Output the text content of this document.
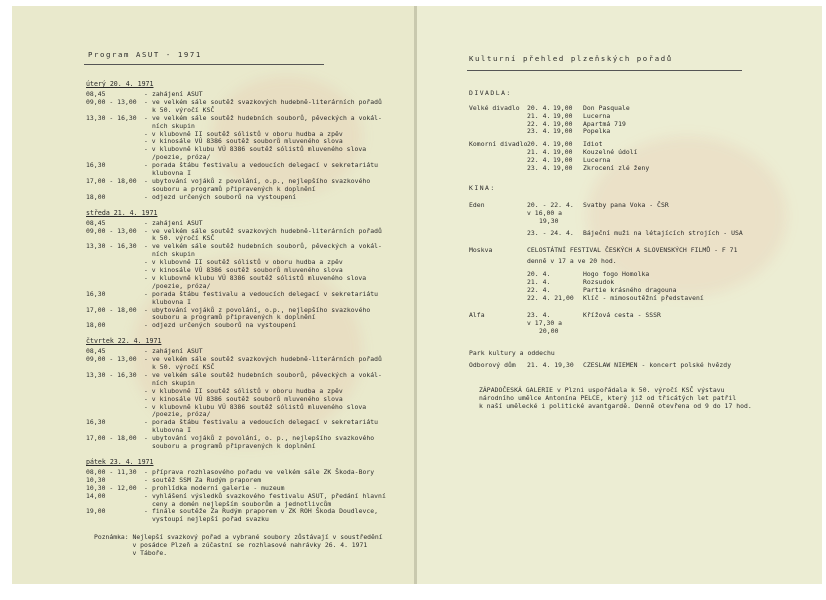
Program ASUT - 1971
úterý 20. 4. 1971
08,45	- zahájení ASUT
09,00 - 13,00 - ve velkém sále soutěž svazkových hudebně-literárních pořadů
k 50. výročí KSČ
13,30 - 16,30 - ve velkém sále soutěž hudebních souborů, pěveckých a vokál-
ních skupin
- v klubovně II soutěž sólistů v oboru hudba a zpěv
- v kinosále VÚ 8386 soutěž souborů mluveného slova
- v klubovně klubu VÚ 8386 soutěž sólistů mluveného slova
/poezie, próza/
16,30	- porada štábu festivalu a vedoucích delegací v sekretariátu
klubovna I
17,00 - 18,00 - ubytování vojáků z povolání, o.p., nejlepšího svazkového
souboru a programů připravených k doplnění
18,00	- odjezd určených souborů na vystoupení
středa 21. 4. 1971
08,45	- zahájení ASUT
09,00 - 13,00 - ve velkém sále soutěž svazkových hudebně-literárních pořadů
k 50. výročí KSČ
13,30 - 16,30 - ve velkém sále soutěž hudebních souborů, pěveckých a vokál-
ních skupin
- v klubovně II soutěž sólistů v oboru hudba a zpěv
- v kinosále VÚ 8386 soutěž souborů mluveného slova
- v klubovně klubu VÚ 8386 soutěž sólistů mluveného slova
/poezie, próza/
16,30	- porada štábu festivalu a vedoucích delegací v sekretariátu
klubovna I
17,00 - 18,00 - ubytování vojáků z povolání, o.p., nejlepšího svazkového
souboru a programů připravených k doplnění
18,00	- odjezd určených souborů na vystoupení
čtvrtek 22. 4. 1971
08,45	- zahájení ASUT
09,00 - 13,00 - ve velkém sále soutěž svazkových hudebně-literárních pořadů
k 50. výročí KSČ
13,30 - 16,30 - ve velkém sále soutěž hudebních souborů, pěveckých a vokál-
ních skupin
- v klubovně II soutěž sólistů v oboru hudba a zpěv
- v kinosále VÚ 8386 soutěž souborů mluveného slova
- v klubovně klubu VÚ 8386 soutěž sólistů mluveného slova
/poezie, próza/
16,30	- porada štábu festivalu a vedoucích delegací v sekretariátu
klubovna I
17,00 - 18,00 - ubytování vojáků z povolání, o. p., nejlepšího svazkového
souboru a programů připravených k doplnění
pátek 23. 4. 1971
08,00 - 11,30 - příprava rozhlasového pořadu ve velkém sále ZK Škoda-Bory
10,30	- soutěž SSM Za Rudým praporem
10,30 - 12,00 - prohlídka moderní galerie - muzeum
14,00	- vyhlášení výsledků svazkového festivalu ASUT, předání hlavní
ceny a domén nejlepším souborům a jednotlivcům
19,00	- finále soutěže Za Rudým praporem v ZK ROH Škoda Doudlevce,
vystoupí nejlepší pořad svazku
Poznámka: Nejlepší svazkový pořad a vybrané soubory zůstávají v soustředění
v posádce Plzeň a zúčastní se rozhlasové nahrávky 26. 4. 1971
v Táboře.
Kulturní přehled plzeňských pořadů
DIVADLA:
Velké divadlo 20. 4. 19,00 Don Pasquale
21. 4. 19,00 Lucerna
22. 4. 19,00 Apartmá 719
23. 4. 19,00 Popelka
Komorní divadlo 20. 4. 19,00 Idiot
21. 4. 19,00 Kouzelné údolí
22. 4. 19,00 Lucerna
23. 4. 19,00 Zkrocení zlé ženy
KINA:
Eden	20. - 22. 4. Svatby pana Voka - ČSR
v 16,00 a
19,30
23. - 24. 4. Báječní muži na létajících strojích - USA
Moskva	CELOSTÁTNÍ FESTIVAL ČESKÝCH A SLOVENSKÝCH FILMŮ - F 71
denně v 17 a ve 20 hod.
20. 4.	Hogo fogo Homolka
21. 4.	Rozsudok
22. 4.	Partie krásného dragouna
22. 4. 21,00 Klíč - mimosoutěžní představení
Alfa	23. 4.	Křížová cesta - SSSR
v 17,30 a
20,00
Park kultury a oddechu
Odborový dům 21. 4. 19,30 CZESLAW NIEMEN - koncert polské hvězdy
ZÁPADOČESKÁ GALERIE v Plzni uspořádala k 50. výročí KSČ výstavu
národního umělce Antonína PELCE, který již od třicátých let patřil
k naší umělecké i politické avantgardě. Denně otevřena od 9 do 17 hod.
